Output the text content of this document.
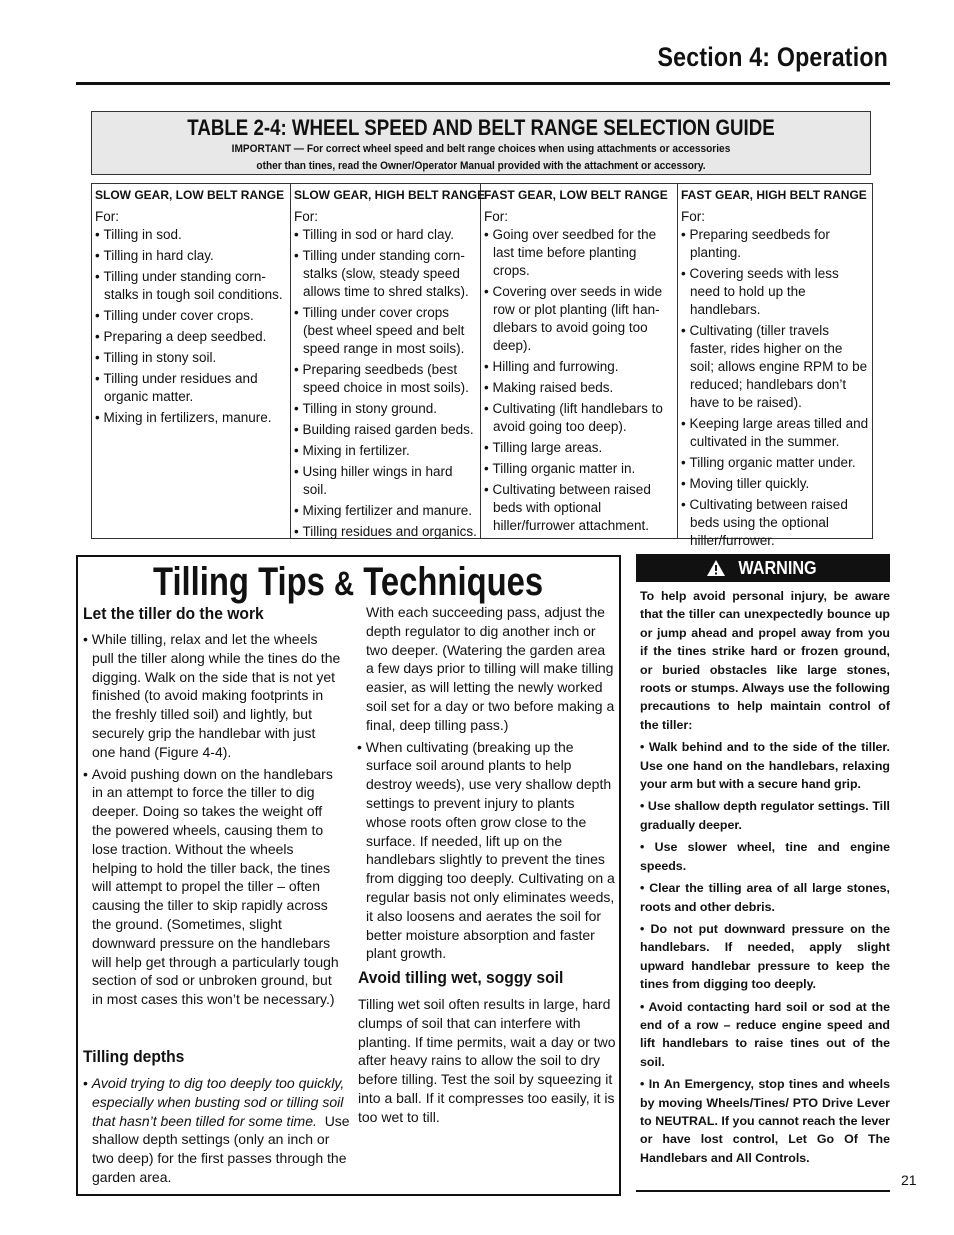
Section 4: Operation
TABLE 2-4: WHEEL SPEED AND BELT RANGE SELECTION GUIDE
IMPORTANT — For correct wheel speed and belt range choices when using attachments or accessories
other than tines, read the Owner/Operator Manual provided with the attachment or accessory.
SLOW GEAR, LOW BELT RANGE
For:
• Tilling in sod.
• Tilling in hard clay.
• Tilling under standing corn-stalks in tough soil conditions.
• Tilling under cover crops.
• Preparing a deep seedbed.
• Tilling in stony soil.
• Tilling under residues and organic matter.
• Mixing in fertilizers, manure.
SLOW GEAR, HIGH BELT RANGE
For:
• Tilling in sod or hard clay.
• Tilling under standing corn-stalks (slow, steady speed allows time to shred stalks).
• Tilling under cover crops (best wheel speed and belt speed range in most soils).
• Preparing seedbeds (best speed choice in most soils).
• Tilling in stony ground.
• Building raised garden beds.
• Mixing in fertilizer.
• Using hiller wings in hard soil.
• Mixing fertilizer and manure.
• Tilling residues and organics.
FAST GEAR, LOW BELT RANGE
For:
• Going over seedbed for the last time before planting crops.
• Covering over seeds in wide row or plot planting (lift han-dlebars to avoid going too deep).
• Hilling and furrowing.
• Making raised beds.
• Cultivating (lift handlebars to avoid going too deep).
• Tilling large areas.
• Tilling organic matter in.
• Cultivating between raised beds with optional hiller/furrower attachment.
FAST GEAR, HIGH BELT RANGE
For:
• Preparing seedbeds for planting.
• Covering seeds with less need to hold up the handlebars.
• Cultivating (tiller travels faster, rides higher on the soil; allows engine RPM to be reduced; handlebars don’t have to be raised).
• Keeping large areas tilled and cultivated in the summer.
• Tilling organic matter under.
• Moving tiller quickly.
• Cultivating between raised beds using the optional hiller/furrower.
Tilling Tips & Techniques
Let the tiller do the work
• While tilling, relax and let the wheels pull the tiller along while the tines do the digging. Walk on the side that is not yet finished (to avoid making footprints in the freshly tilled soil) and lightly, but securely grip the handlebar with just one hand (Figure 4-4).
• Avoid pushing down on the handlebars in an attempt to force the tiller to dig deeper. Doing so takes the weight off the powered wheels, causing them to lose traction. Without the wheels helping to hold the tiller back, the tines will attempt to propel the tiller – often causing the tiller to skip rapidly across the ground. (Sometimes, slight downward pressure on the handlebars will help get through a particularly tough section of sod or unbroken ground, but in most cases this won’t be necessary.)
Tilling depths
• Avoid trying to dig too deeply too quickly, especially when busting sod or tilling soil that hasn’t been tilled for some time. Use shallow depth settings (only an inch or two deep) for the first passes through the garden area.
With each succeeding pass, adjust the depth regulator to dig another inch or two deeper. (Watering the garden area a few days prior to tilling will make tilling easier, as will letting the newly worked soil set for a day or two before making a final, deep tilling pass.)
• When cultivating (breaking up the surface soil around plants to help destroy weeds), use very shallow depth settings to prevent injury to plants whose roots often grow close to the surface. If needed, lift up on the handlebars slightly to prevent the tines from digging too deeply. Cultivating on a regular basis not only eliminates weeds, it also loosens and aerates the soil for better moisture absorption and faster plant growth.
Avoid tilling wet, soggy soil
Tilling wet soil often results in large, hard clumps of soil that can interfere with planting. If time permits, wait a day or two after heavy rains to allow the soil to dry before tilling. Test the soil by squeezing it into a ball. If it compresses too easily, it is too wet to till.
WARNING

To help avoid personal injury, be aware that the tiller can unexpectedly bounce up or jump ahead and propel away from you if the tines strike hard or frozen ground, or buried obstacles like large stones, roots or stumps. Always use the following precautions to help maintain control of the tiller:

• Walk behind and to the side of the tiller. Use one hand on the handlebars, relaxing your arm but with a secure hand grip.

• Use shallow depth regulator settings. Till gradually deeper.

• Use slower wheel, tine and engine speeds.

• Clear the tilling area of all large stones, roots and other debris.

• Do not put downward pressure on the handlebars. If needed, apply slight upward handlebar pressure to keep the tines from digging too deeply.

• Avoid contacting hard soil or sod at the end of a row – reduce engine speed and lift handlebars to raise tines out of the soil.

• In An Emergency, stop tines and wheels by moving Wheels/Tines/ PTO Drive Lever to NEUTRAL. If you cannot reach the lever or have lost control, Let Go Of The Handlebars and All Controls.

21
